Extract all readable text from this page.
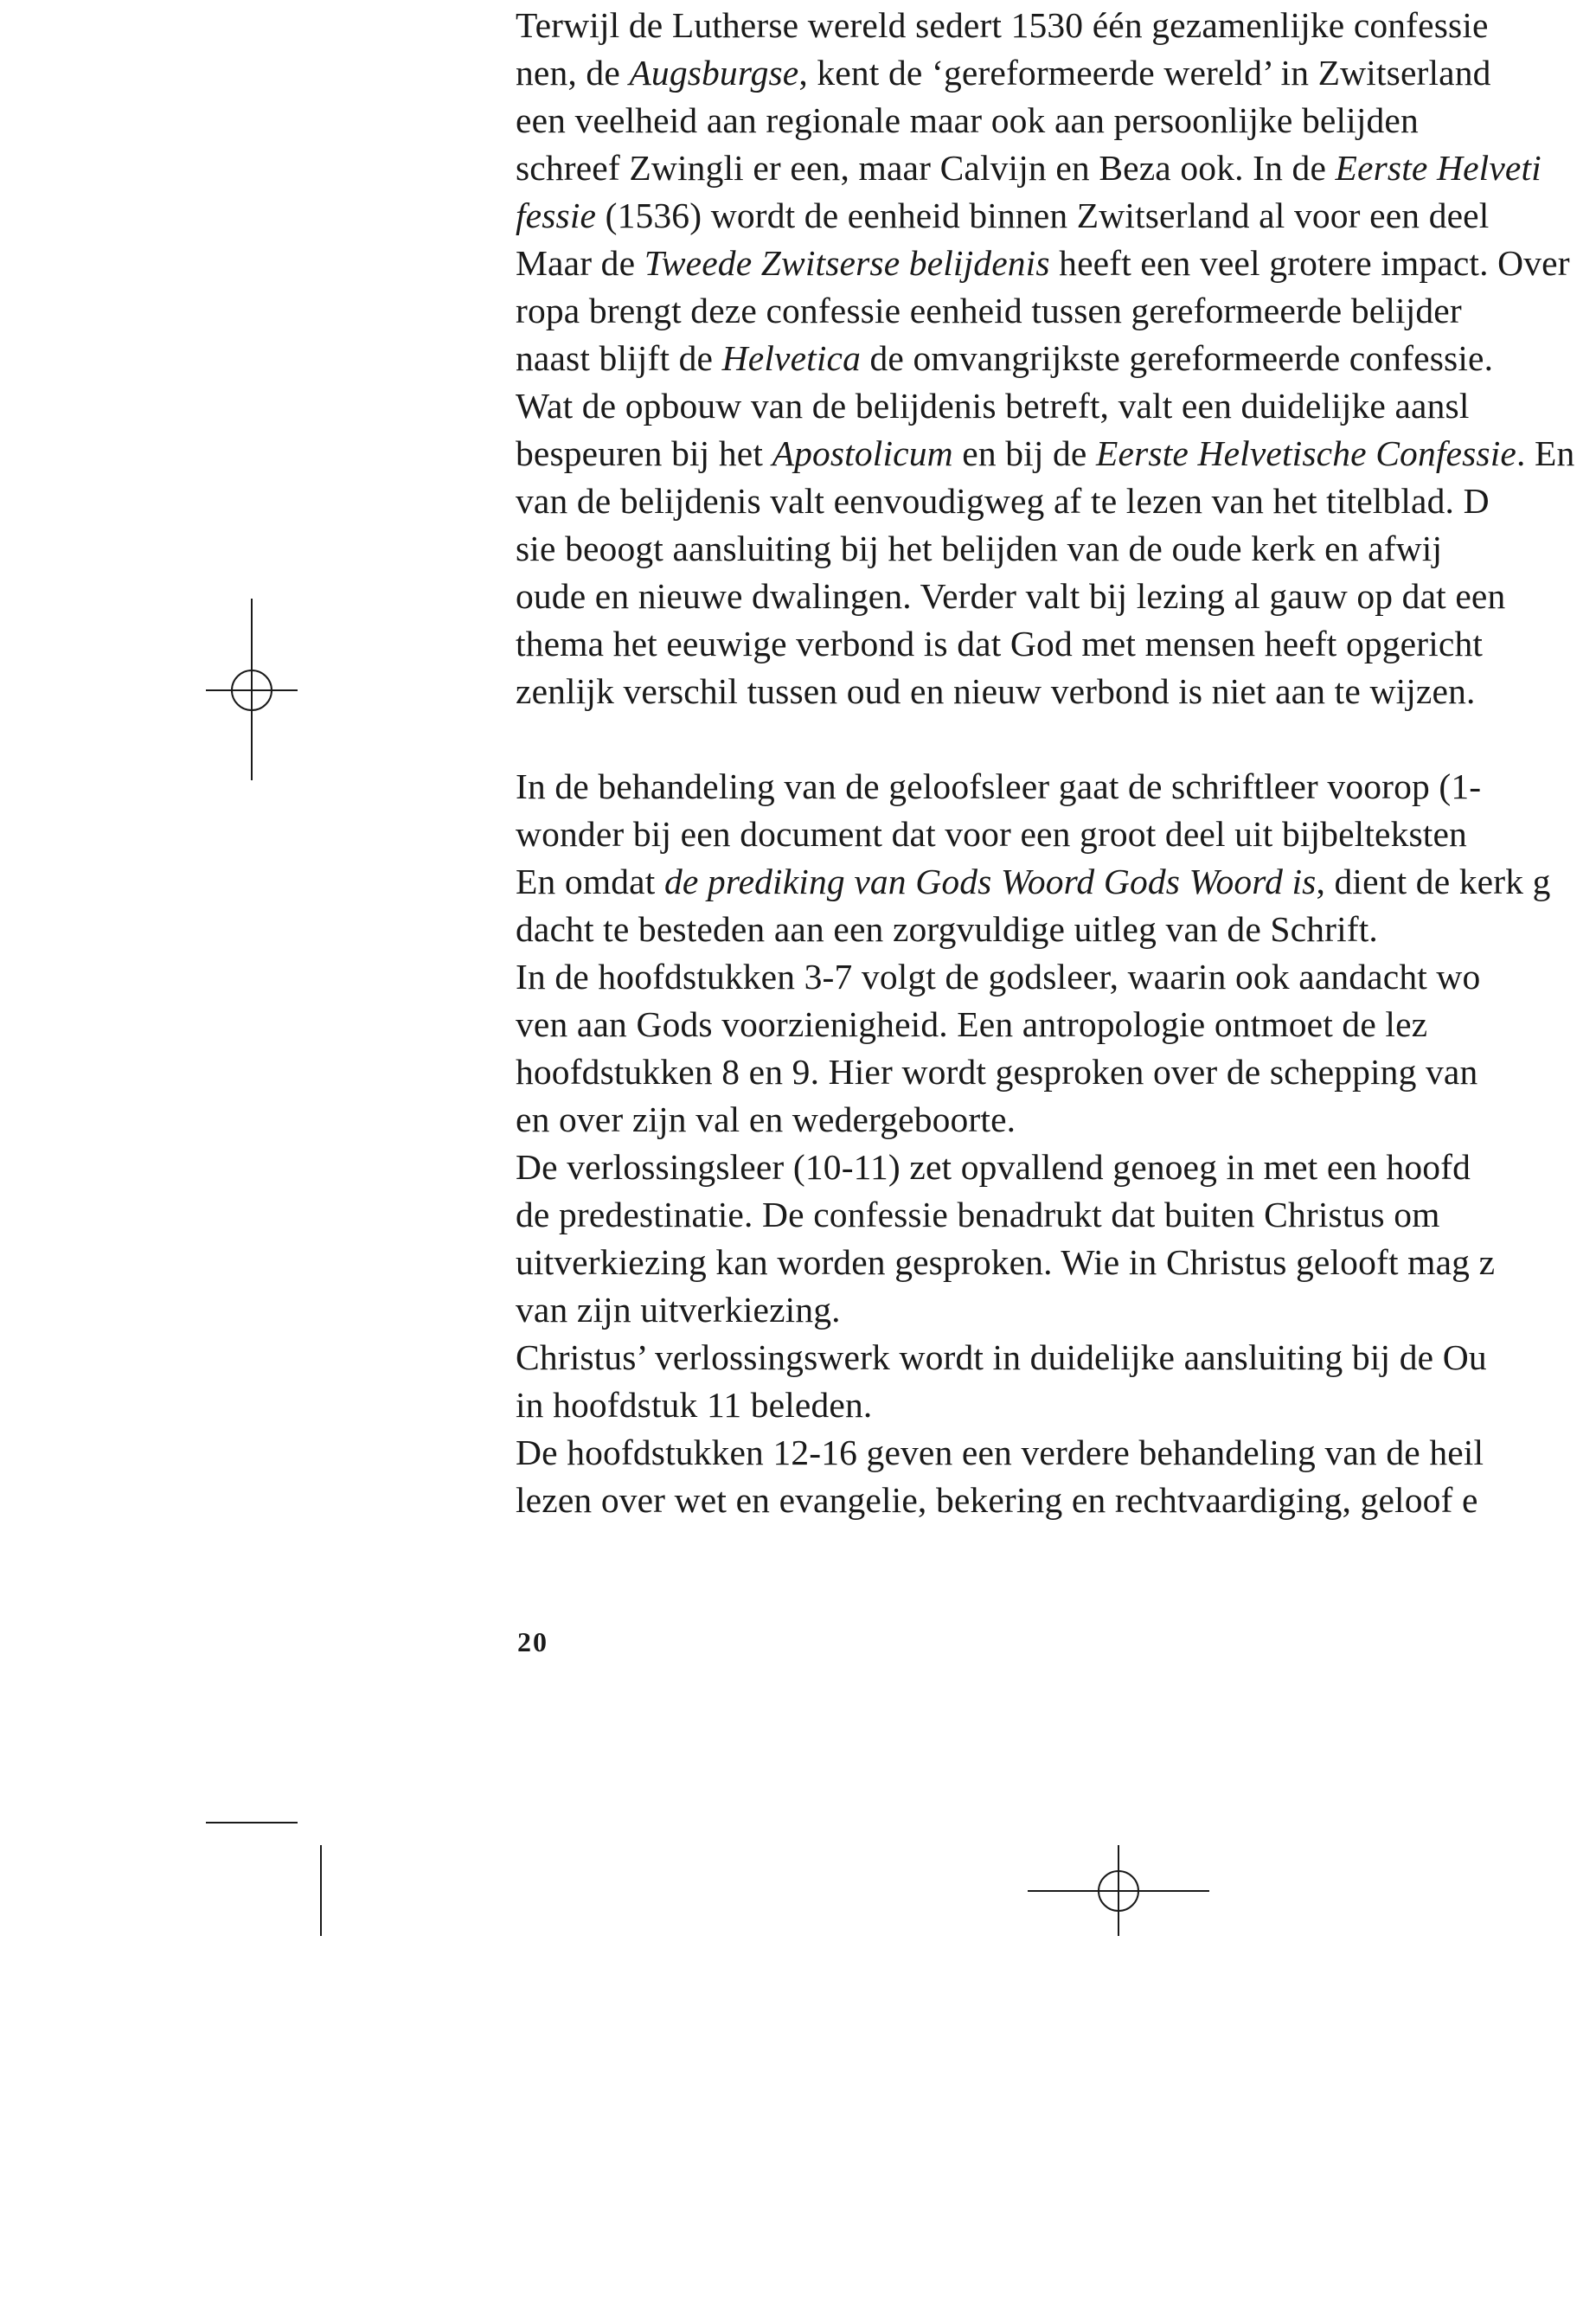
Terwijl de Lutherse wereld sedert 1530 één gezamenlijke confessie
nen, de Augsburgse, kent de ‘gereformeerde wereld’ in Zwitserland
een veelheid aan regionale maar ook aan persoonlijke belijden
schreef Zwingli er een, maar Calvijn en Beza ook. In de Eerste Helveti
fessie (1536) wordt de eenheid binnen Zwitserland al voor een deel
Maar de Tweede Zwitserse belijdenis heeft een veel grotere impact. Over
ropa brengt deze confessie eenheid tussen gereformeerde belijder
naast blijft de Helvetica de omvangrijkste gereformeerde confessie.
Wat de opbouw van de belijdenis betreft, valt een duidelijke aansl
bespeuren bij het Apostolicum en bij de Eerste Helvetische Confessie. En
van de belijdenis valt eenvoudigweg af te lezen van het titelblad. D
sie beoogt aansluiting bij het belijden van de oude kerk en afwij
oude en nieuwe dwalingen. Verder valt bij lezing al gauw op dat een
thema het eeuwige verbond is dat God met mensen heeft opgericht
zenlijk verschil tussen oud en nieuw verbond is niet aan te wijzen.
In de behandeling van de geloofsleer gaat de schriftleer voorop (1-
wonder bij een document dat voor een groot deel uit bijbelteksten
En omdat de prediking van Gods Woord Gods Woord is, dient de kerk g
dacht te besteden aan een zorgvuldige uitleg van de Schrift.
In de hoofdstukken 3-7 volgt de godsleer, waarin ook aandacht wo
ven aan Gods voorzienigheid. Een antropologie ontmoet de lez
hoofdstukken 8 en 9. Hier wordt gesproken over de schepping van
en over zijn val en wedergeboorte.
De verlossingsleer (10-11) zet opvallend genoeg in met een hoofd
de predestinatie. De confessie benadrukt dat buiten Christus om
uitverkiezing kan worden gesproken. Wie in Christus gelooft mag z
van zijn uitverkiezing.
Christus’ verlossingswerk wordt in duidelijke aansluiting bij de Ou
in hoofdstuk 11 beleden.
De hoofdstukken 12-16 geven een verdere behandeling van de heil
lezen over wet en evangelie, bekering en rechtvaardiging, geloof e
20
